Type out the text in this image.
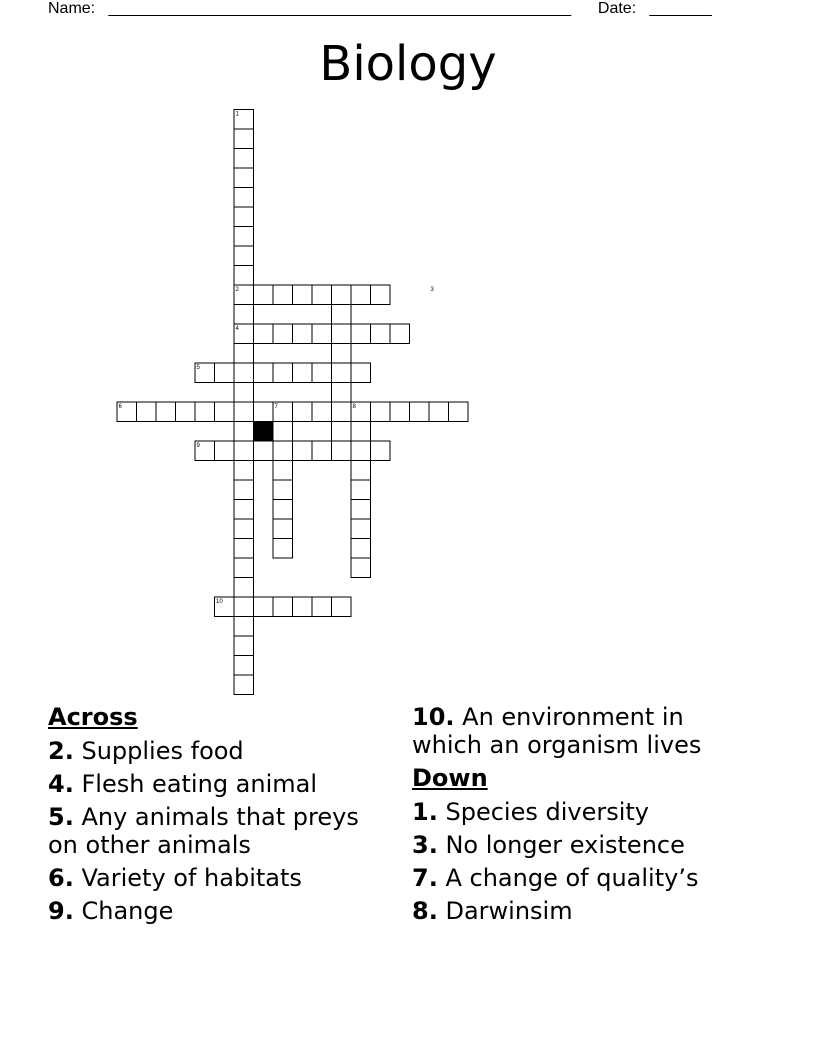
Name: ____________________________________________________ Date: _______
Biology
1
2	3
4
5
6	7	8
9
10
Across
2. Supplies food
4. Flesh eating animal
5. Any animals that preys on other animals
6. Variety of habitats
9. Change
10. An environment in which an organism lives
Down
1. Species diversity
3. No longer existence
7. A change of quality’s
8. Darwinsim
